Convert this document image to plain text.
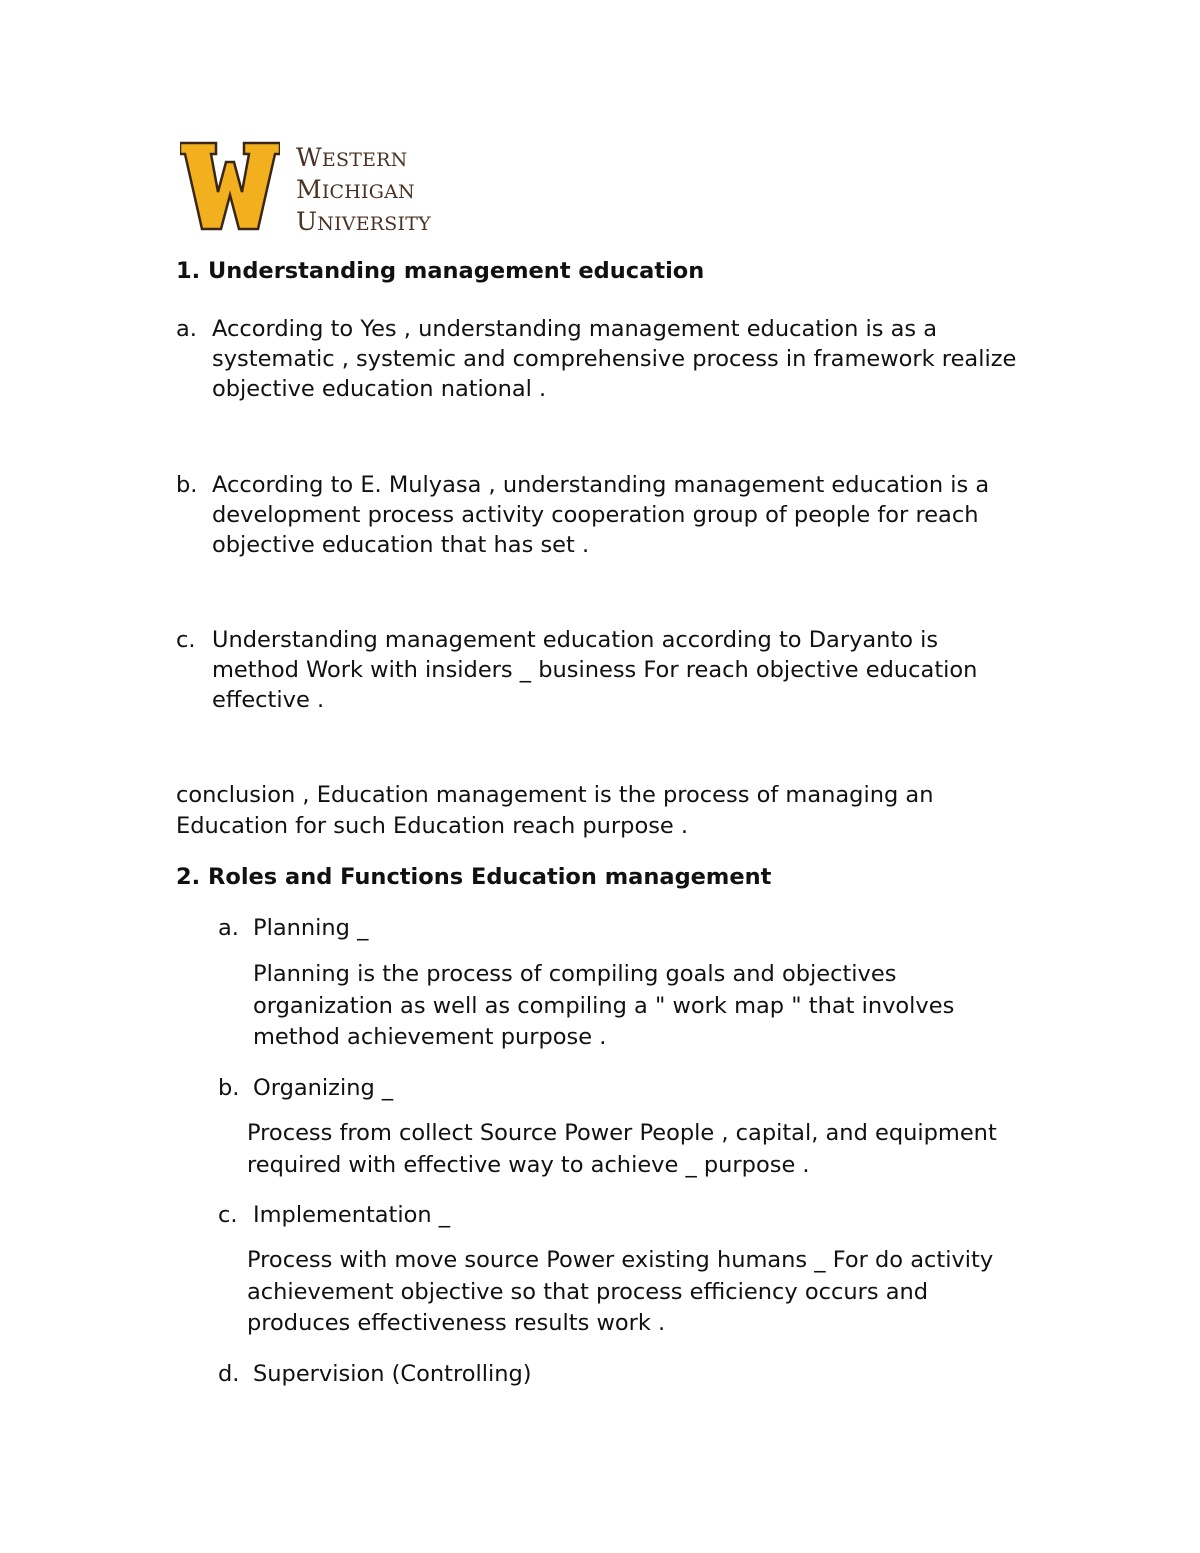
WESTERN
MICHIGAN
UNIVERSITY
1. Understanding management education
a. According to Yes , understanding management education is as a
systematic , systemic and comprehensive process in framework realize
objective education national .
b. According to E. Mulyasa , understanding management education is a
development process activity cooperation group of people for reach
objective education that has set .
c. Understanding management education according to Daryanto is
method Work with insiders _ business For reach objective education
effective .
conclusion , Education management is the process of managing an
Education for such Education reach purpose .
2. Roles and Functions Education management
a. Planning _
Planning is the process of compiling goals and objectives
organization as well as compiling a " work map " that involves
method achievement purpose .
b. Organizing _
Process from collect Source Power People , capital, and equipment
required with effective way to achieve _ purpose .
c. Implementation _
Process with move source Power existing humans _ For do activity
achievement objective so that process efficiency occurs and
produces effectiveness results work .
d. Supervision (Controlling)
